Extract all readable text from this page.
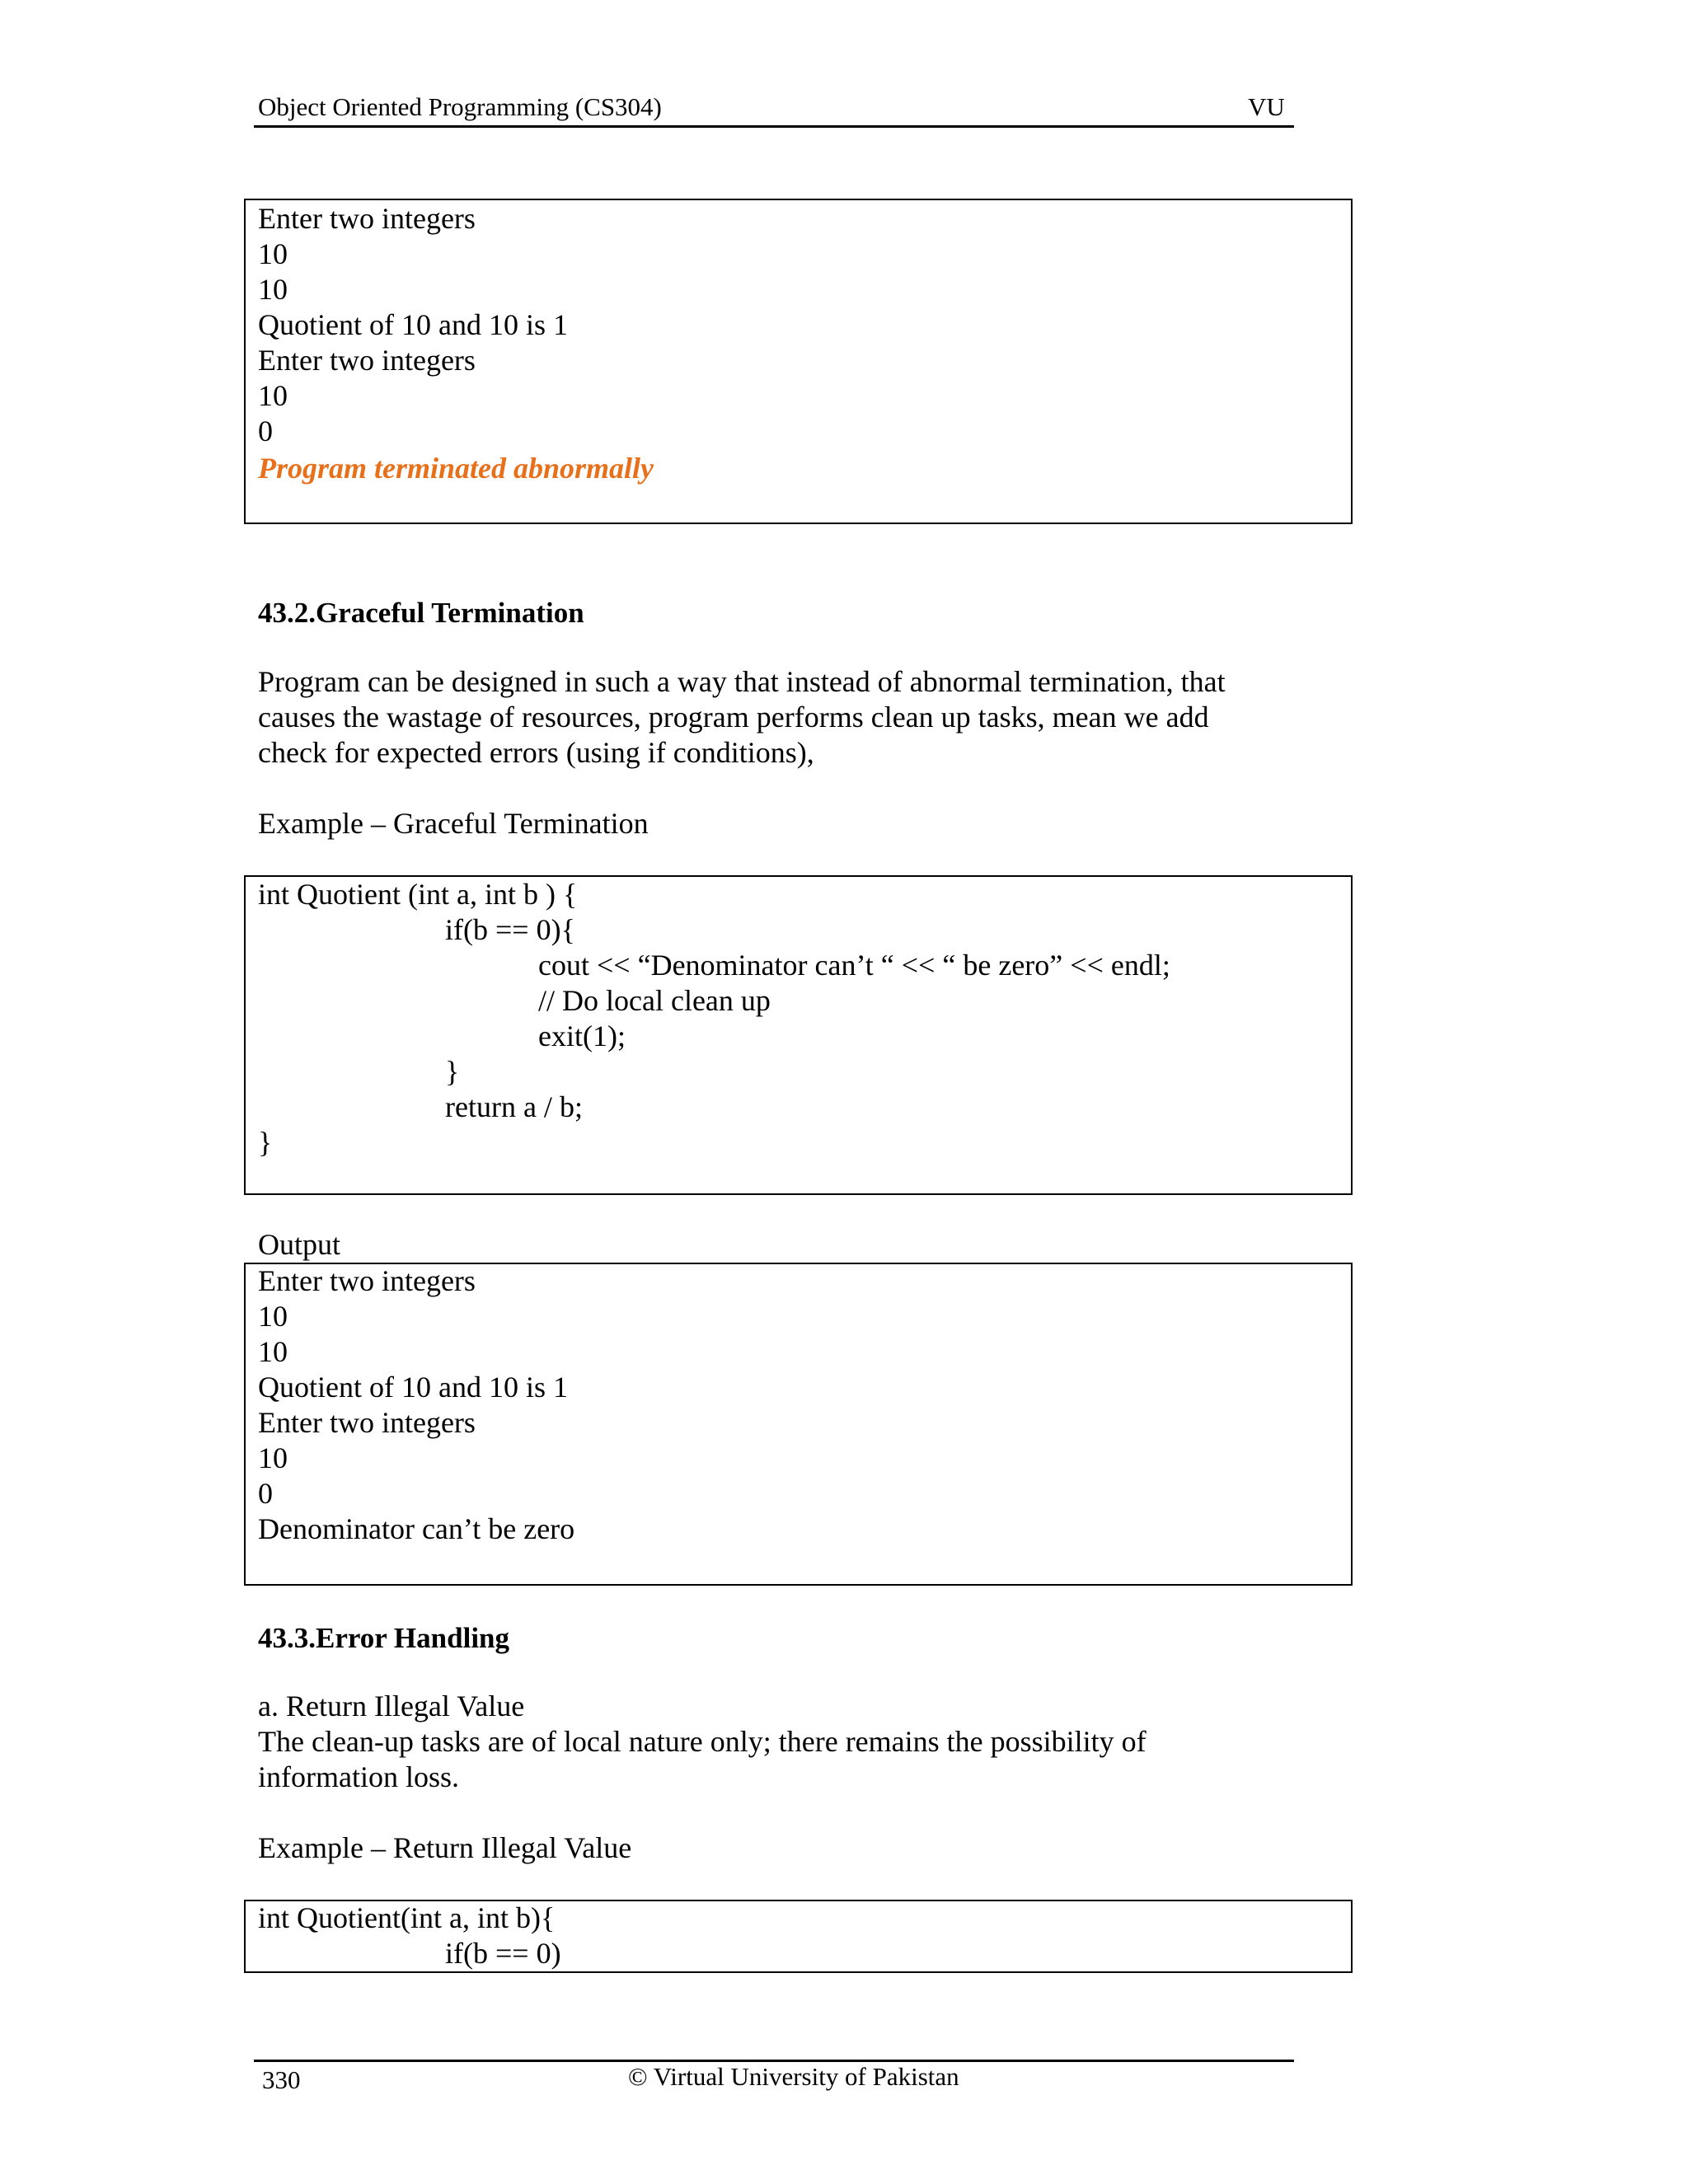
Object Oriented Programming (CS304)	VU
Enter two integers
10
10
Quotient of 10 and 10 is 1
Enter two integers
10
0
Program terminated abnormally
43.2.Graceful Termination
Program can be designed in such a way that instead of abnormal termination, that
causes the wastage of resources, program performs clean up tasks, mean we add
check for expected errors (using if conditions),
Example – Graceful Termination
int Quotient (int a, int b ) {
if(b == 0){
cout << “Denominator can’t “ << “ be zero” << endl;
// Do local clean up
exit(1);
}
return a / b;
}
Output
Enter two integers
10
10
Quotient of 10 and 10 is 1
Enter two integers
10
0
Denominator can’t be zero
43.3.Error Handling
a. Return Illegal Value
The clean-up tasks are of local nature only; there remains the possibility of
information loss.
Example – Return Illegal Value
int Quotient(int a, int b){
if(b == 0)
330	© Virtual University of Pakistan
